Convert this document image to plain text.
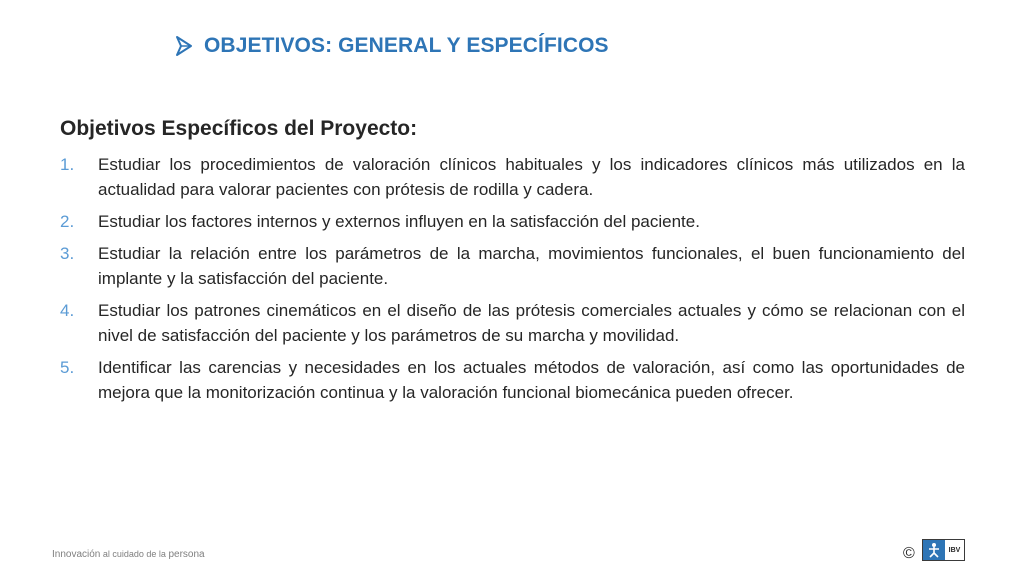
OBJETIVOS: GENERAL Y ESPECÍFICOS
Objetivos Específicos del Proyecto:
1.	Estudiar los procedimientos de valoración clínicos habituales y los indicadores clínicos más utilizados en la actualidad para valorar pacientes con prótesis de rodilla y cadera.
2.	Estudiar los factores internos y externos influyen en la satisfacción del paciente.
3.	Estudiar la relación entre los parámetros de la marcha, movimientos funcionales, el buen funcionamiento del implante y la satisfacción del paciente.
4.	Estudiar los patrones cinemáticos en el diseño de las prótesis comerciales actuales y cómo se relacionan con el nivel de satisfacción del paciente y los parámetros de su marcha y movilidad.
5.	Identificar las carencias y necesidades en los actuales métodos de valoración, así como las oportunidades de mejora que la monitorización continua y la valoración funcional biomecánica pueden ofrecer.
Innovación al cuidado de la persona	©	IBV
